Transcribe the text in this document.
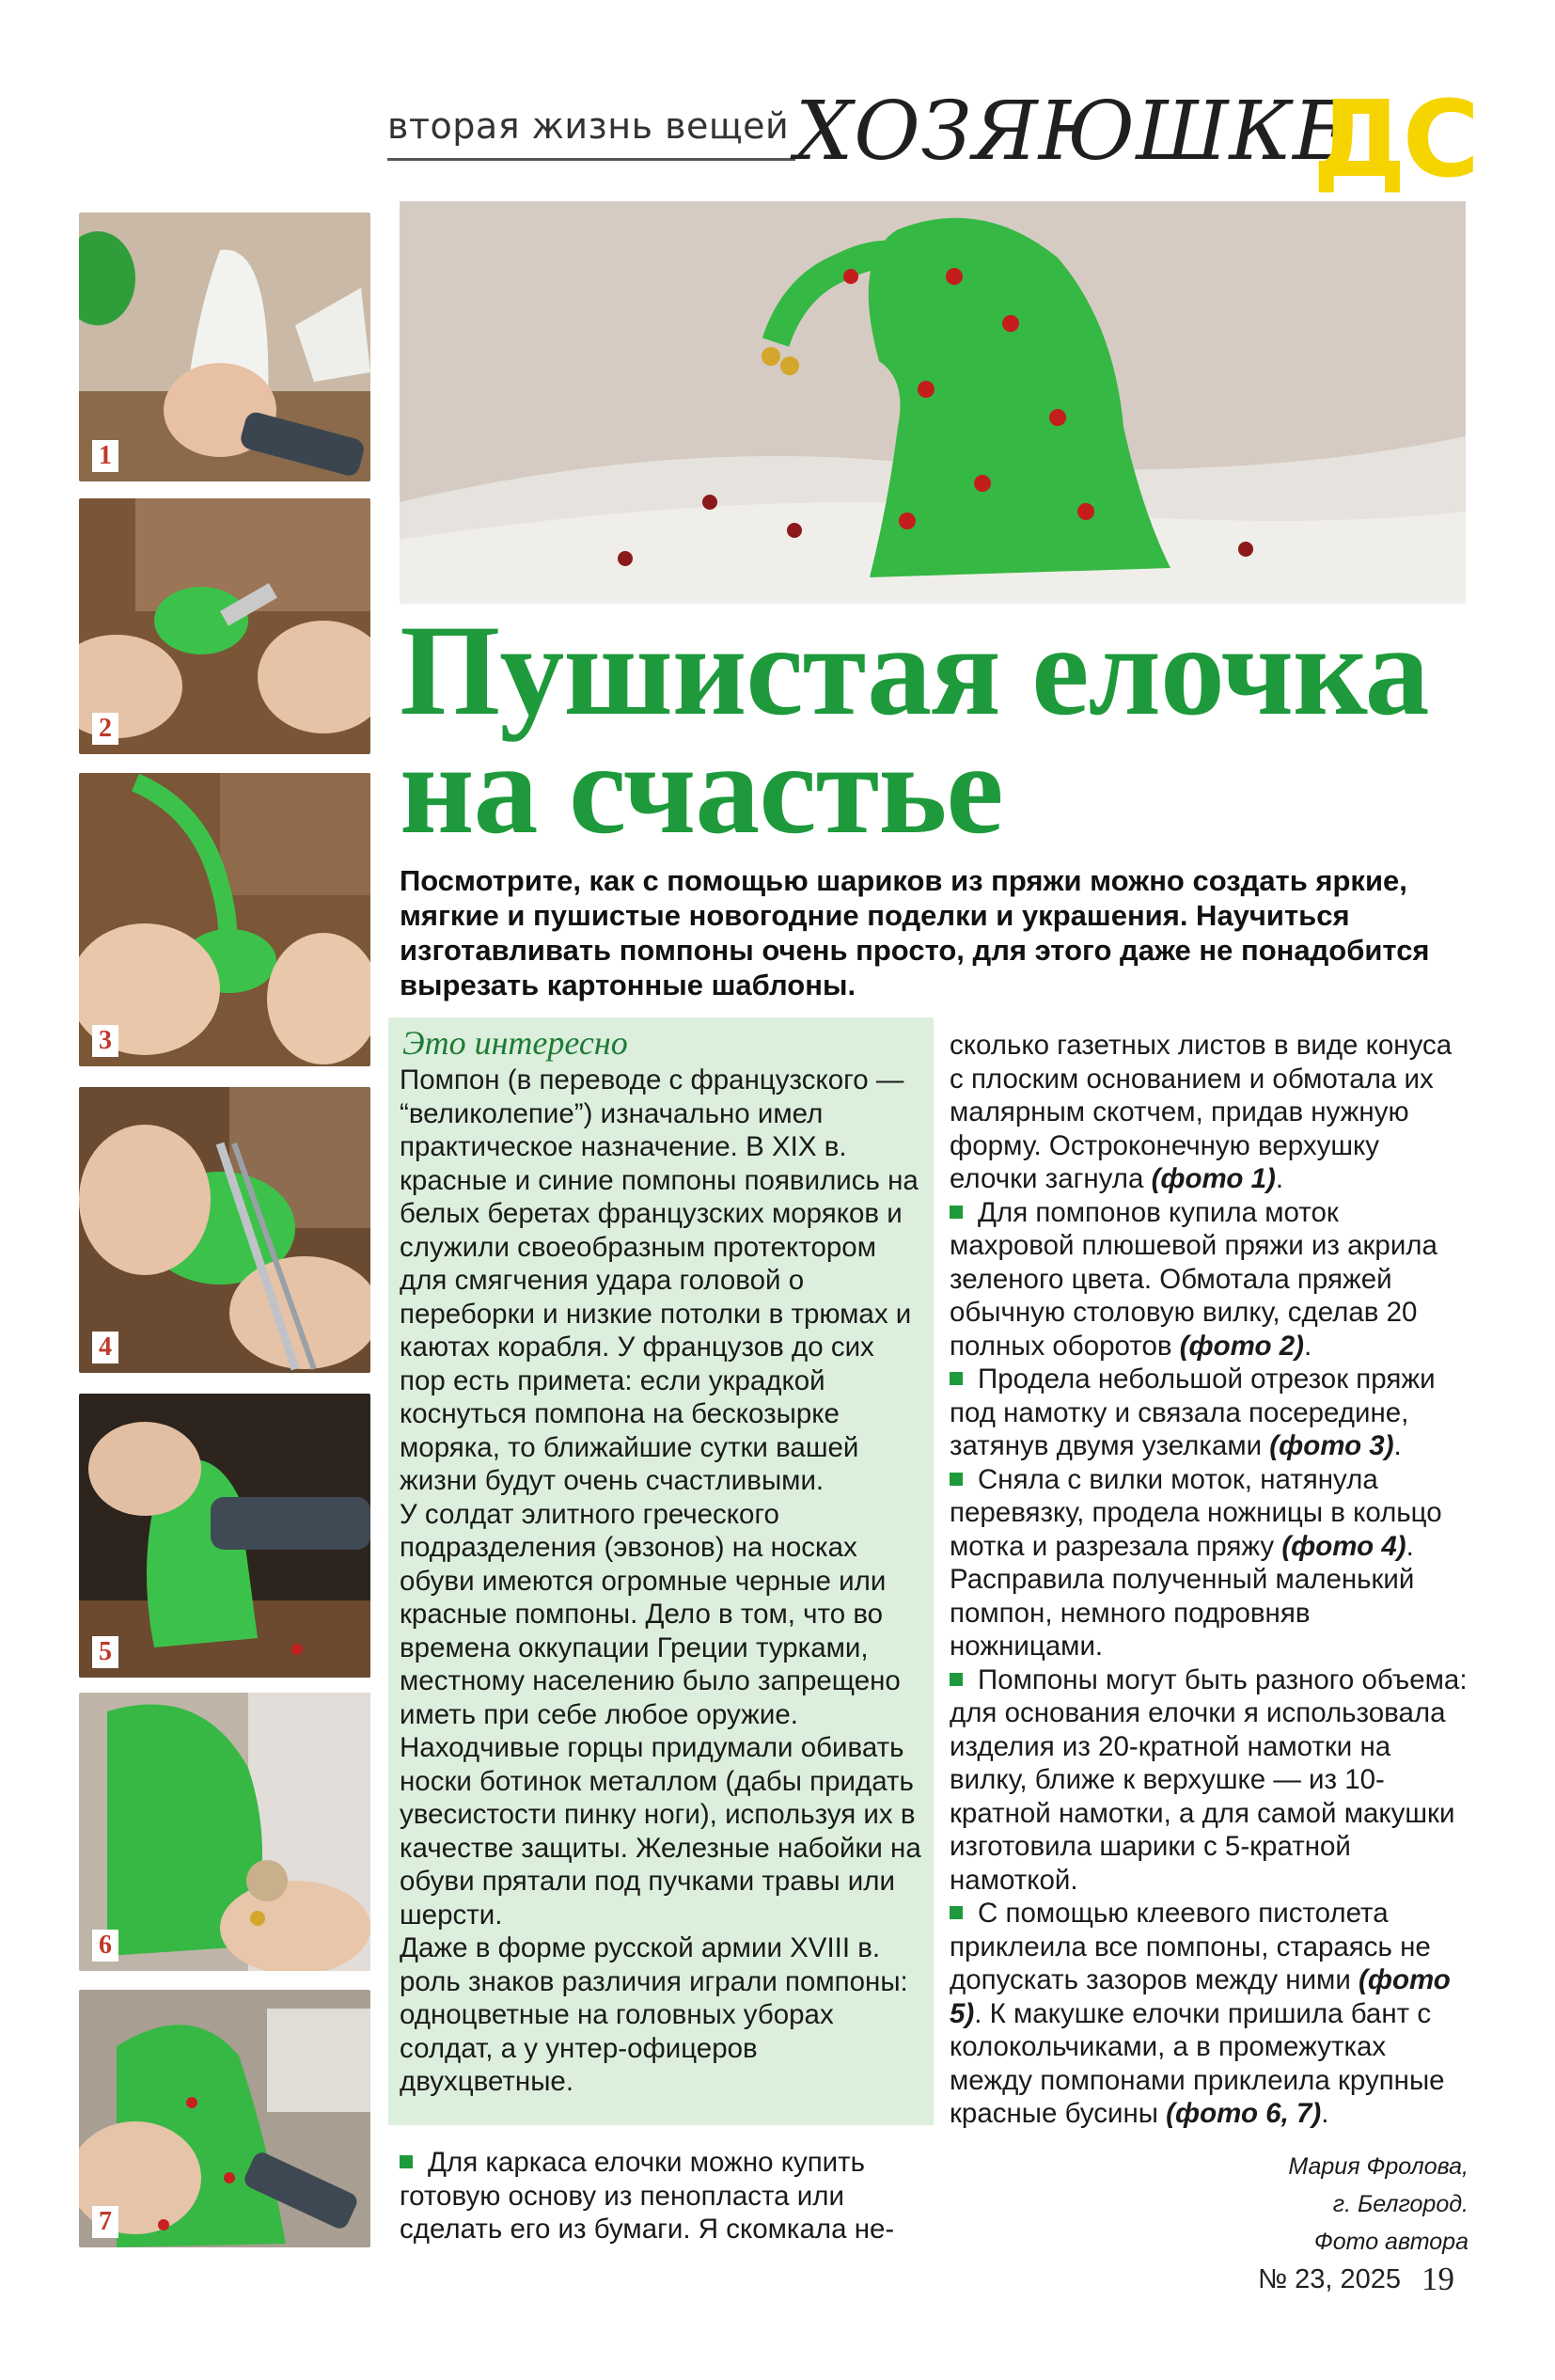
вторая жизнь вещей ХОЗЯЮШКЕ
ДС
1
2
3
4
5
6
7
Пушистая елочка
на счастье

Посмотрите, как с помощью шариков из пряжи можно создать яркие, мягкие и пушистые новогодние поделки и украшения. Научиться изготавливать помпоны очень просто, для этого даже не понадобится вырезать картонные шаблоны.

Это интересно

Помпон (в переводе с французского — “великолепие”) изначально имел практическое назначение. В XIX в. красные и синие помпоны появились на белых беретах французских моряков и служили своеобразным протектором для смягчения удара головой о переборки и низкие потолки в трюмах и каютах корабля. У французов до сих пор есть примета: если украдкой коснуться помпона на бескозырке моряка, то ближайшие сутки вашей жизни будут очень счастливыми.

У солдат элитного греческого подразделения (эвзонов) на носках обуви имеются огромные черные или красные помпоны. Дело в том, что во времена оккупации Греции турками, местному населению было запрещено иметь при себе любое оружие. Находчивые горцы придумали обивать носки ботинок металлом (дабы придать увесистости пинку ноги), используя их в качестве защиты. Железные набойки на обуви прятали под пучками травы или шерсти.

Даже в форме русской армии XVIII в. роль знаков различия играли помпоны: одноцветные на головных уборах солдат, а у унтер-офицеров двухцветные.

Для каркаса елочки можно купить готовую основу из пенопласта или сделать его из бумаги. Я скомкала не-

сколько газетных листов в виде конуса с плоским основанием и обмотала их малярным скотчем, придав нужную форму. Остроконечную верхушку елочки загнула (фото 1).

Для помпонов купила моток махровой плюшевой пряжи из акрила зеленого цвета. Обмотала пряжей обычную столовую вилку, сделав 20 полных оборотов (фото 2).

Продела небольшой отрезок пряжи под намотку и связала посередине, затянув двумя узелками (фото 3).

Сняла с вилки моток, натянула перевязку, продела ножницы в кольцо мотка и разрезала пряжу (фото 4). Расправила полученный маленький помпон, немного подровняв ножницами.

Помпоны могут быть разного объема: для основания елочки я использовала изделия из 20-кратной намотки на вилку, ближе к верхушке — из 10-кратной намотки, а для самой макушки изготовила шарики с 5-кратной намоткой.

С помощью клеевого пистолета приклеила все помпоны, стараясь не допускать зазоров между ними (фото 5). К макушке елочки пришила бант с колокольчиками, а в промежутках между помпонами приклеила крупные красные бусины (фото 6, 7).

Мария Фролова,
г. Белгород.
Фото автора
№ 23, 2025 19
